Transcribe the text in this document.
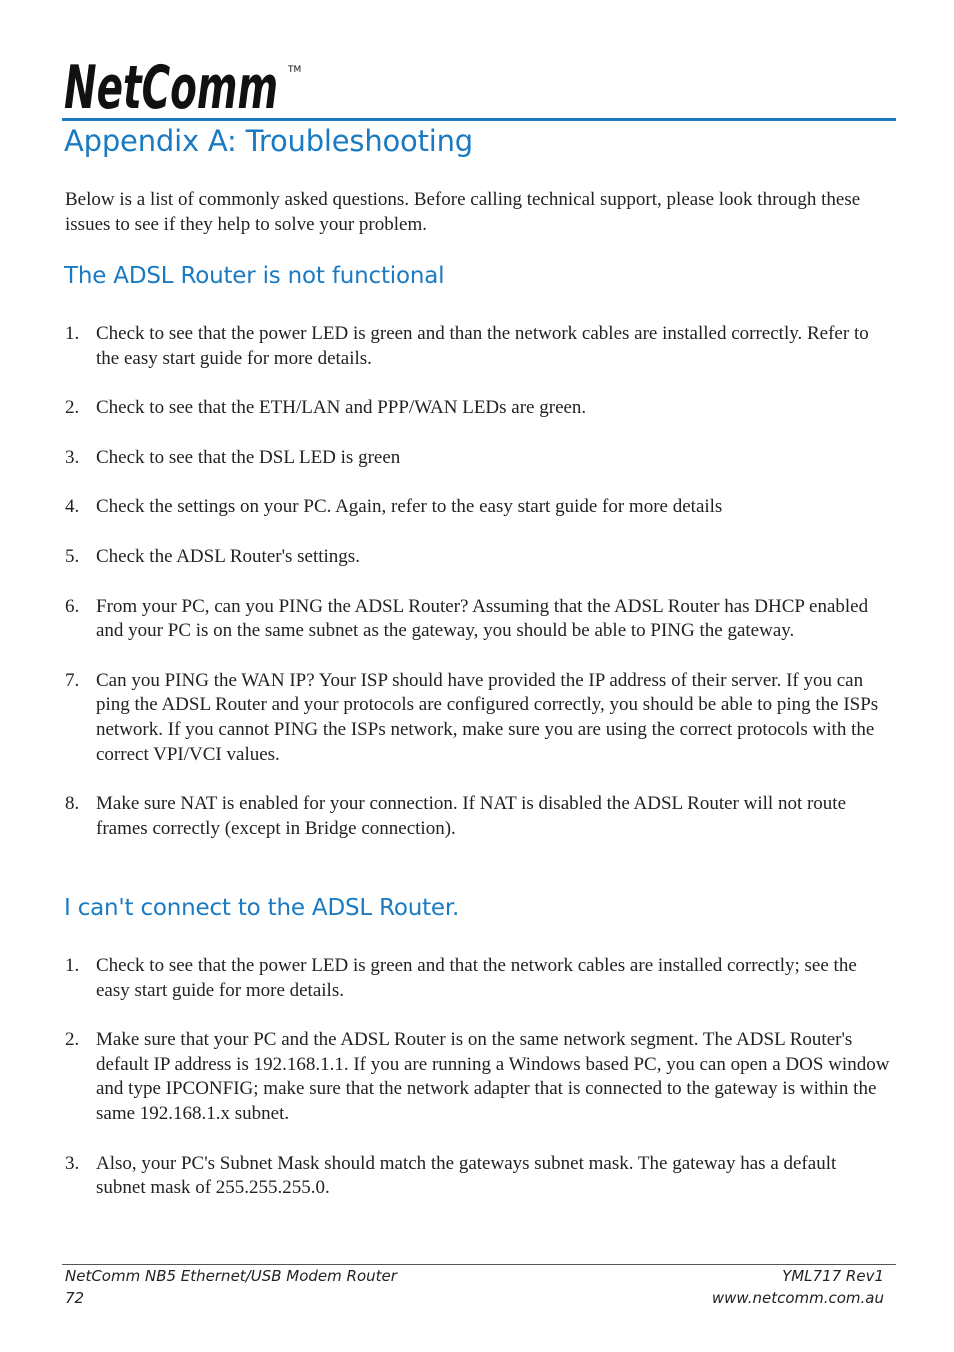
NetComm TM
Appendix A: Troubleshooting

Below is a list of commonly asked questions. Before calling technical support, please look through these issues to see if they help to solve your problem.

The ADSL Router is not functional
1. Check to see that the power LED is green and than the network cables are installed correctly. Refer to the easy start guide for more details.
2. Check to see that the ETH/LAN and PPP/WAN LEDs are green.
3. Check to see that the DSL LED is green
4. Check the settings on your PC. Again, refer to the easy start guide for more details
5. Check the ADSL Router's settings.
6. From your PC, can you PING the ADSL Router? Assuming that the ADSL Router has DHCP enabled and your PC is on the same subnet as the gateway, you should be able to PING the gateway.
7. Can you PING the WAN IP? Your ISP should have provided the IP address of their server. If you can ping the ADSL Router and your protocols are configured correctly, you should be able to ping the ISPs network. If you cannot PING the ISPs network, make sure you are using the correct protocols with the correct VPI/VCI values.
8. Make sure NAT is enabled for your connection. If NAT is disabled the ADSL Router will not route frames correctly (except in Bridge connection).
I can't connect to the ADSL Router.
1. Check to see that the power LED is green and that the network cables are installed correctly; see the easy start guide for more details.
2. Make sure that your PC and the ADSL Router is on the same network segment. The ADSL Router's default IP address is 192.168.1.1. If you are running a Windows based PC, you can open a DOS window and type IPCONFIG; make sure that the network adapter that is connected to the gateway is within the same 192.168.1.x subnet.
3. Also, your PC's Subnet Mask should match the gateways subnet mask. The gateway has a default subnet mask of 255.255.255.0.
NetComm NB5 Ethernet/USB Modem Router
72
YML717 Rev1
www.netcomm.com.au
